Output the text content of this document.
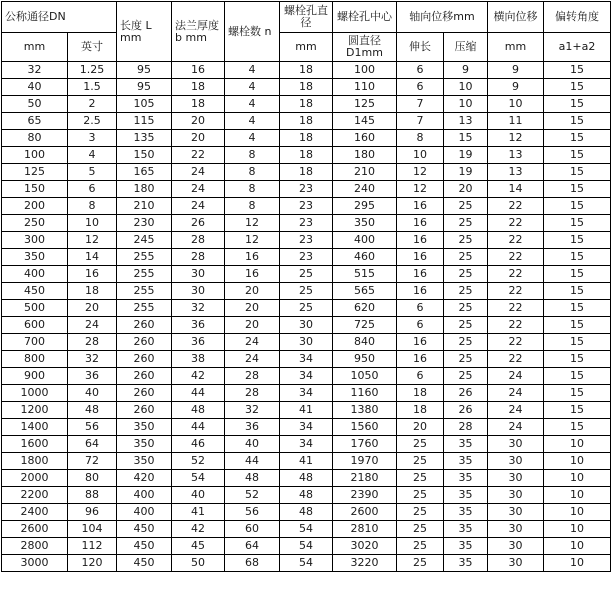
公称通径DN		长度 L mm	法兰厚度 b mm	螺栓数 n	螺栓孔直径	螺栓孔中心	轴向位移mm		横向位移	偏转角度
mm	英寸				mm	圆直径D1mm	伸长	压缩	mm	a1+a2
32	1.25	95	16	4	18	100	6	9	9	15
40	1.5	95	18	4	18	110	6	10	9	15
50	2	105	18	4	18	125	7	10	10	15
65	2.5	115	20	4	18	145	7	13	11	15
80	3	135	20	4	18	160	8	15	12	15
100	4	150	22	8	18	180	10	19	13	15
125	5	165	24	8	18	210	12	19	13	15
150	6	180	24	8	23	240	12	20	14	15
200	8	210	24	8	23	295	16	25	22	15
250	10	230	26	12	23	350	16	25	22	15
300	12	245	28	12	23	400	16	25	22	15
350	14	255	28	16	23	460	16	25	22	15
400	16	255	30	16	25	515	16	25	22	15
450	18	255	30	20	25	565	16	25	22	15
500	20	255	32	20	25	620	6	25	22	15
600	24	260	36	20	30	725	6	25	22	15
700	28	260	36	24	30	840	16	25	22	15
800	32	260	38	24	34	950	16	25	22	15
900	36	260	42	28	34	1050	6	25	24	15
1000	40	260	44	28	34	1160	18	26	24	15
1200	48	260	48	32	41	1380	18	26	24	15
1400	56	350	44	36	34	1560	20	28	24	15
1600	64	350	46	40	34	1760	25	35	30	10
1800	72	350	52	44	41	1970	25	35	30	10
2000	80	420	54	48	48	2180	25	35	30	10
2200	88	400	40	52	48	2390	25	35	30	10
2400	96	400	41	56	48	2600	25	35	30	10
2600	104	450	42	60	54	2810	25	35	30	10
2800	112	450	45	64	54	3020	25	35	30	10
3000	120	450	50	68	54	3220	25	35	30	10
